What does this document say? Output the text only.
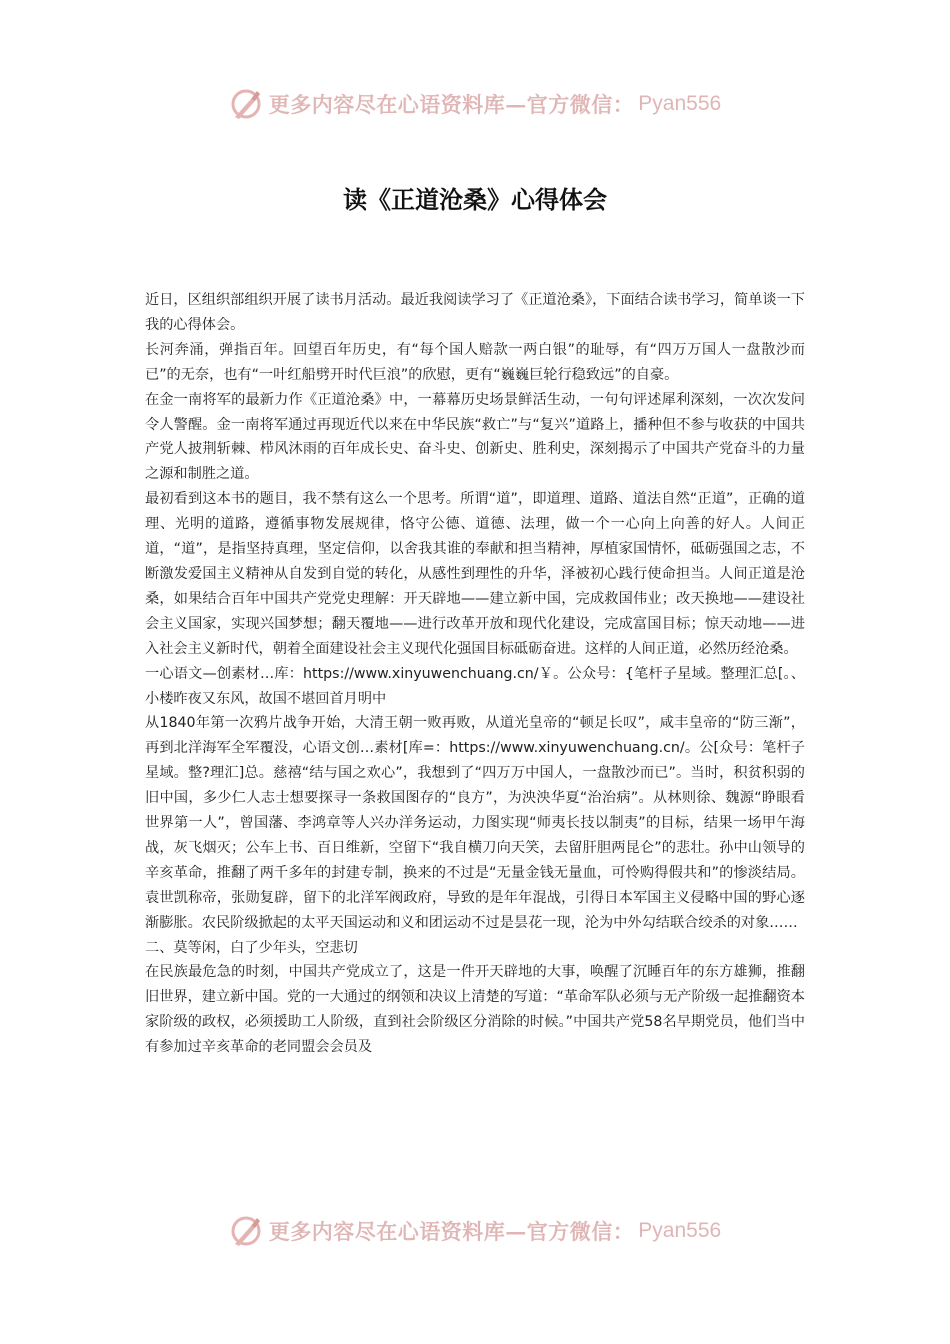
更多内容尽在心语资料库—官方微信： Pyan556
读《正道沧桑》心得体会

近日，区组织部组织开展了读书月活动。最近我阅读学习了《正道沧桑》，下面结合读书学习，简单谈一下我的心得体会。

长河奔涌，弹指百年。回望百年历史，有“每个国人赔款一两白银”的耻辱，有“四万万国人一盘散沙而已”的无奈，也有“一叶红船劈开时代巨浪”的欣慰，更有“巍巍巨轮行稳致远”的自豪。

在金一南将军的最新力作《正道沧桑》中，一幕幕历史场景鲜活生动，一句句评述犀利深刻，一次次发问令人警醒。金一南将军通过再现近代以来在中华民族“救亡”与“复兴”道路上，播种但不参与收获的中国共产党人披荆斩棘、栉风沐雨的百年成长史、奋斗史、创新史、胜利史，深刻揭示了中国共产党奋斗的力量之源和制胜之道。

最初看到这本书的题目，我不禁有这么一个思考。所谓“道”，即道理、道路、道法自然“正道”，正确的道理、光明的道路，遵循事物发展规律，恪守公德、道德、法理，做一个一心向上向善的好人。人间正道，“道”，是指坚持真理，坚定信仰，以舍我其谁的奉献和担当精神，厚植家国情怀，砥砺强国之志，不断激发爱国主义精神从自发到自觉的转化，从感性到理性的升华，泽被初心践行使命担当。人间正道是沧桑，如果结合百年中国共产党党史理解：开天辟地——建立新中国，完成救国伟业；改天换地——建设社会主义国家，实现兴国梦想；翻天覆地——进行改革开放和现代化建设，完成富国目标；惊天动地——进入社会主义新时代，朝着全面建设社会主义现代化强国目标砥砺奋进。这样的人间正道，必然历经沧桑。

一心语文—创素材…库：https://www.xinyuwenchuang.cn/￥。公众号：{笔杆子星域。整理汇总[。、小楼昨夜又东风，故国不堪回首月明中

从1840年第一次鸦片战争开始，大清王朝一败再败，从道光皇帝的“顿足长叹”，咸丰皇帝的“防三渐”，再到北洋海军全军覆没，心语文创…素材[库=：https://www.xinyuwenchuang.cn/。公[众号：笔杆子星域。整?理汇]总。慈禧“结与国之欢心”，我想到了“四万万中国人，一盘散沙而已”。当时，积贫积弱的旧中国，多少仁人志士想要探寻一条救国图存的“良方”，为泱泱华夏“治治病”。从林则徐、魏源“睁眼看世界第一人”，曾国藩、李鸿章等人兴办洋务运动，力图实现“师夷长技以制夷”的目标，结果一场甲午海战，灰飞烟灭；公车上书、百日维新，空留下“我自横刀向天笑，去留肝胆两昆仑”的悲壮。孙中山领导的辛亥革命，推翻了两千多年的封建专制，换来的不过是“无量金钱无量血，可怜购得假共和”的惨淡结局。袁世凯称帝，张勋复辟，留下的北洋军阀政府，导致的是年年混战，引得日本军国主义侵略中国的野心逐渐膨胀。农民阶级掀起的太平天国运动和义和团运动不过是昙花一现，沦为中外勾结联合绞杀的对象……

二、莫等闲，白了少年头，空悲切

在民族最危急的时刻，中国共产党成立了，这是一件开天辟地的大事，唤醒了沉睡百年的东方雄狮，推翻旧世界，建立新中国。党的一大通过的纲领和决议上清楚的写道：“革命军队必须与无产阶级一起推翻资本家阶级的政权，必须援助工人阶级，直到社会阶级区分消除的时候。”中国共产党58名早期党员，他们当中有参加过辛亥革命的老同盟会会员及

更多内容尽在心语资料库—官方微信： Pyan556
